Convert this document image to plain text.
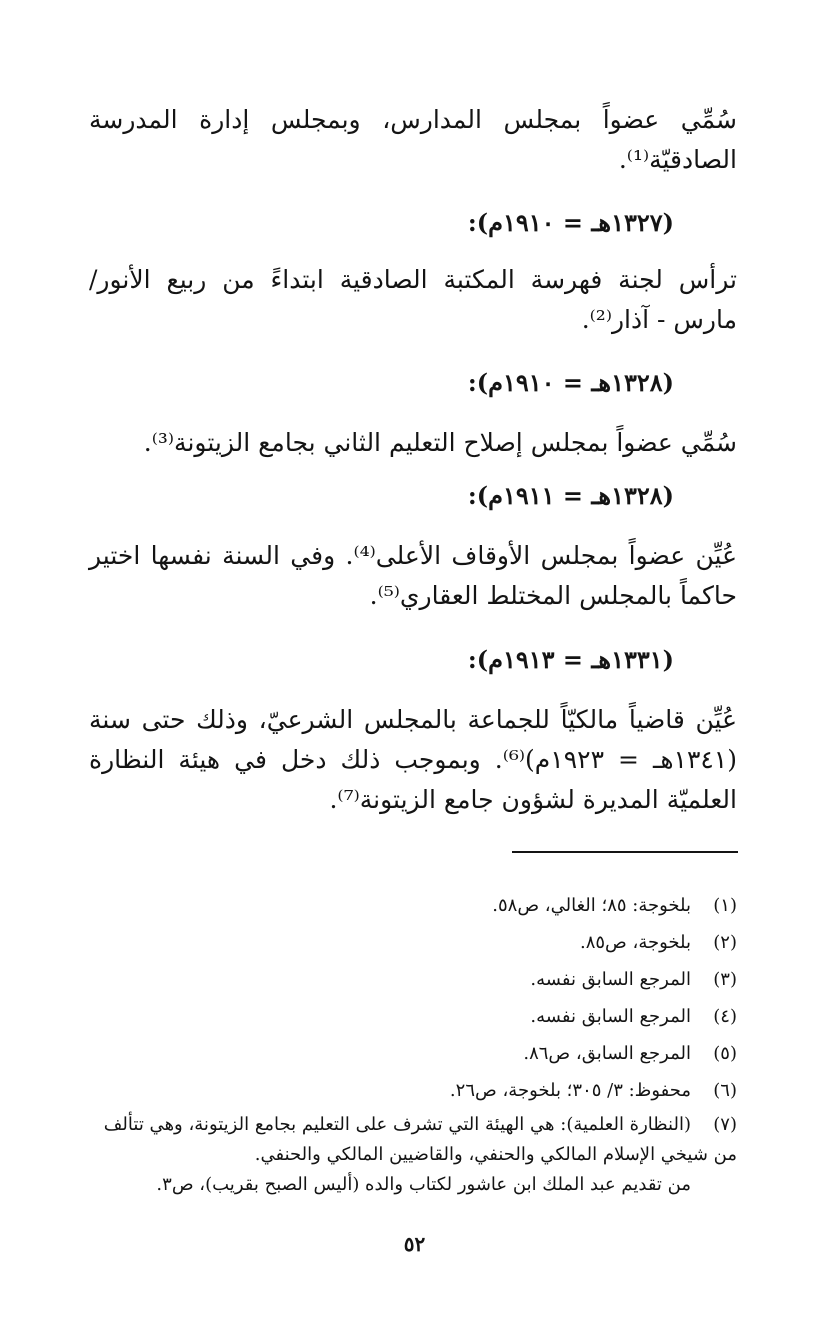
سُمِّي عضواً بمجلس المدارس، وبمجلس إدارة المدرسة الصادقيّة⁽¹⁾.

(١٣٢٧هـ = ١٩١٠م):

ترأس لجنة فهرسة المكتبة الصادقية ابتداءً من ربيع الأنور/ مارس - آذار⁽²⁾.

(١٣٢٨هـ = ١٩١٠م):

سُمِّي عضواً بمجلس إصلاح التعليم الثاني بجامع الزيتونة⁽³⁾.

(١٣٢٨هـ = ١٩١١م):

عُيِّن عضواً بمجلس الأوقاف الأعلى⁽⁴⁾. وفي السنة نفسها اختير حاكماً بالمجلس المختلط العقاري⁽⁵⁾.

(١٣٣١هـ = ١٩١٣م):

عُيِّن قاضياً مالكيّاً للجماعة بالمجلس الشرعيّ، وذلك حتى سنة (١٣٤١هـ = ١٩٢٣م)⁽⁶⁾. وبموجب ذلك دخل في هيئة النظارة العلميّة المديرة لشؤون جامع الزيتونة⁽⁷⁾.

(١)بلخوجة: ٨٥؛ الغالي، ص٥٨.

(٢)بلخوجة، ص٨٥.

(٣)المرجع السابق نفسه.

(٤)المرجع السابق نفسه.

(٥)المرجع السابق، ص٨٦.

(٦)محفوظ: ٣/ ٣٠٥؛ بلخوجة، ص٢٦.

(٧)(النظارة العلمية): هي الهيئة التي تشرف على التعليم بجامع الزيتونة، وهي تتألف من شيخي الإسلام المالكي والحنفي، والقاضيين المالكي والحنفي.
من تقديم عبد الملك ابن عاشور لكتاب والده (أليس الصبح بقريب)، ص٣.

٥٢
